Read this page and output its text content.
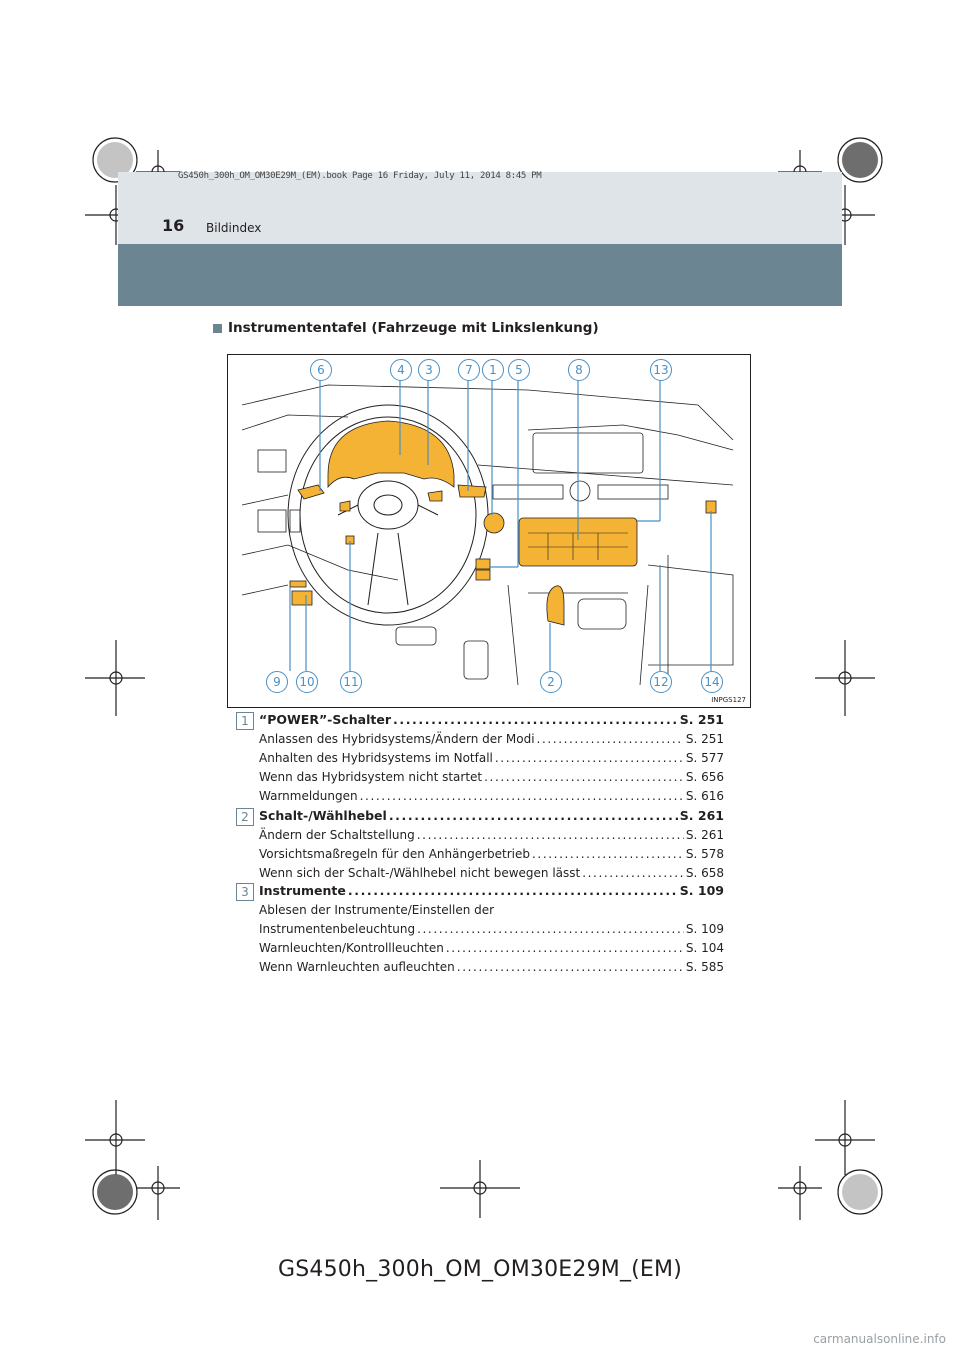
GS450h_300h_OM_OM30E29M_(EM).book Page 16 Friday, July 11, 2014 8:45 PM
16 Bildindex
Instrumententafel (Fahrzeuge mit Linkslenkung)
6	4	3	7	1	5	8	13
9	10 11	2	12	14
INPGS127
1 “POWER”-Schalter .....	S. 251
Anlassen des Hybridsystems/Ändern der Modi .....	S. 251
Anhalten des Hybridsystems im Notfall .....	S. 577
Wenn das Hybridsystem nicht startet .....	S. 656
Warnmeldungen .....	S. 616
2 Schalt-/Wählhebel .....	S. 261
Ändern der Schaltstellung .....	S. 261
Vorsichtsmaßregeln für den Anhängerbetrieb .....	S. 578
Wenn sich der Schalt-/Wählhebel nicht bewegen lässt .....	S. 658
3 Instrumente .....	S. 109
Ablesen der Instrumente/Einstellen der
Instrumentenbeleuchtung .....	S. 109
Warnleuchten/Kontrollleuchten .....	S. 104
Wenn Warnleuchten aufleuchten .....	S. 585
GS450h_300h_OM_OM30E29M_(EM)
carmanualsonline.info
